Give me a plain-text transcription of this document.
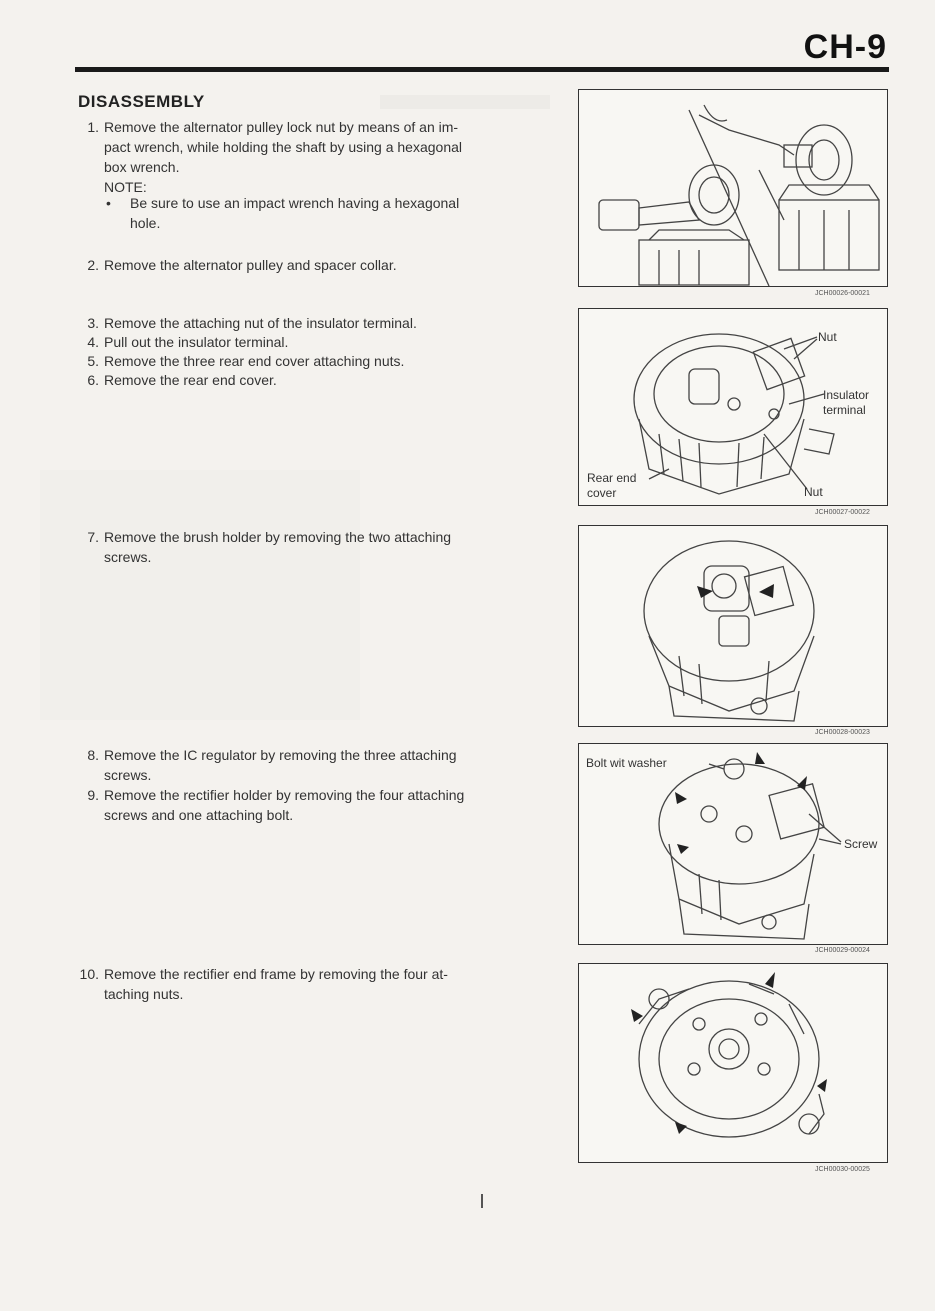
CH-9
DISASSEMBLY
1. Remove the alternator pulley lock nut by means of an im-
pact wrench, while holding the shaft by using a hexagonal
box wrench.
NOTE:
• Be sure to use an impact wrench having a hexagonal
hole.
2. Remove the alternator pulley and spacer collar.
3. Remove the attaching nut of the insulator terminal.
4. Pull out the insulator terminal.
5. Remove the three rear end cover attaching nuts.
6. Remove the rear end cover.
7. Remove the brush holder by removing the two attaching
screws.
8. Remove the IC regulator by removing the three attaching
screws.
9. Remove the rectifier holder by removing the four attaching
screws and one attaching bolt.
10. Remove the rectifier end frame by removing the four at-
taching nuts.
JCH00026-00021
Nut
Insulator
terminal
Rear end
cover	Nut
JCH00027-00022
JCH00028-00023
Bolt wit washer
Screw
JCH00029-00024
JCH00030-00025
